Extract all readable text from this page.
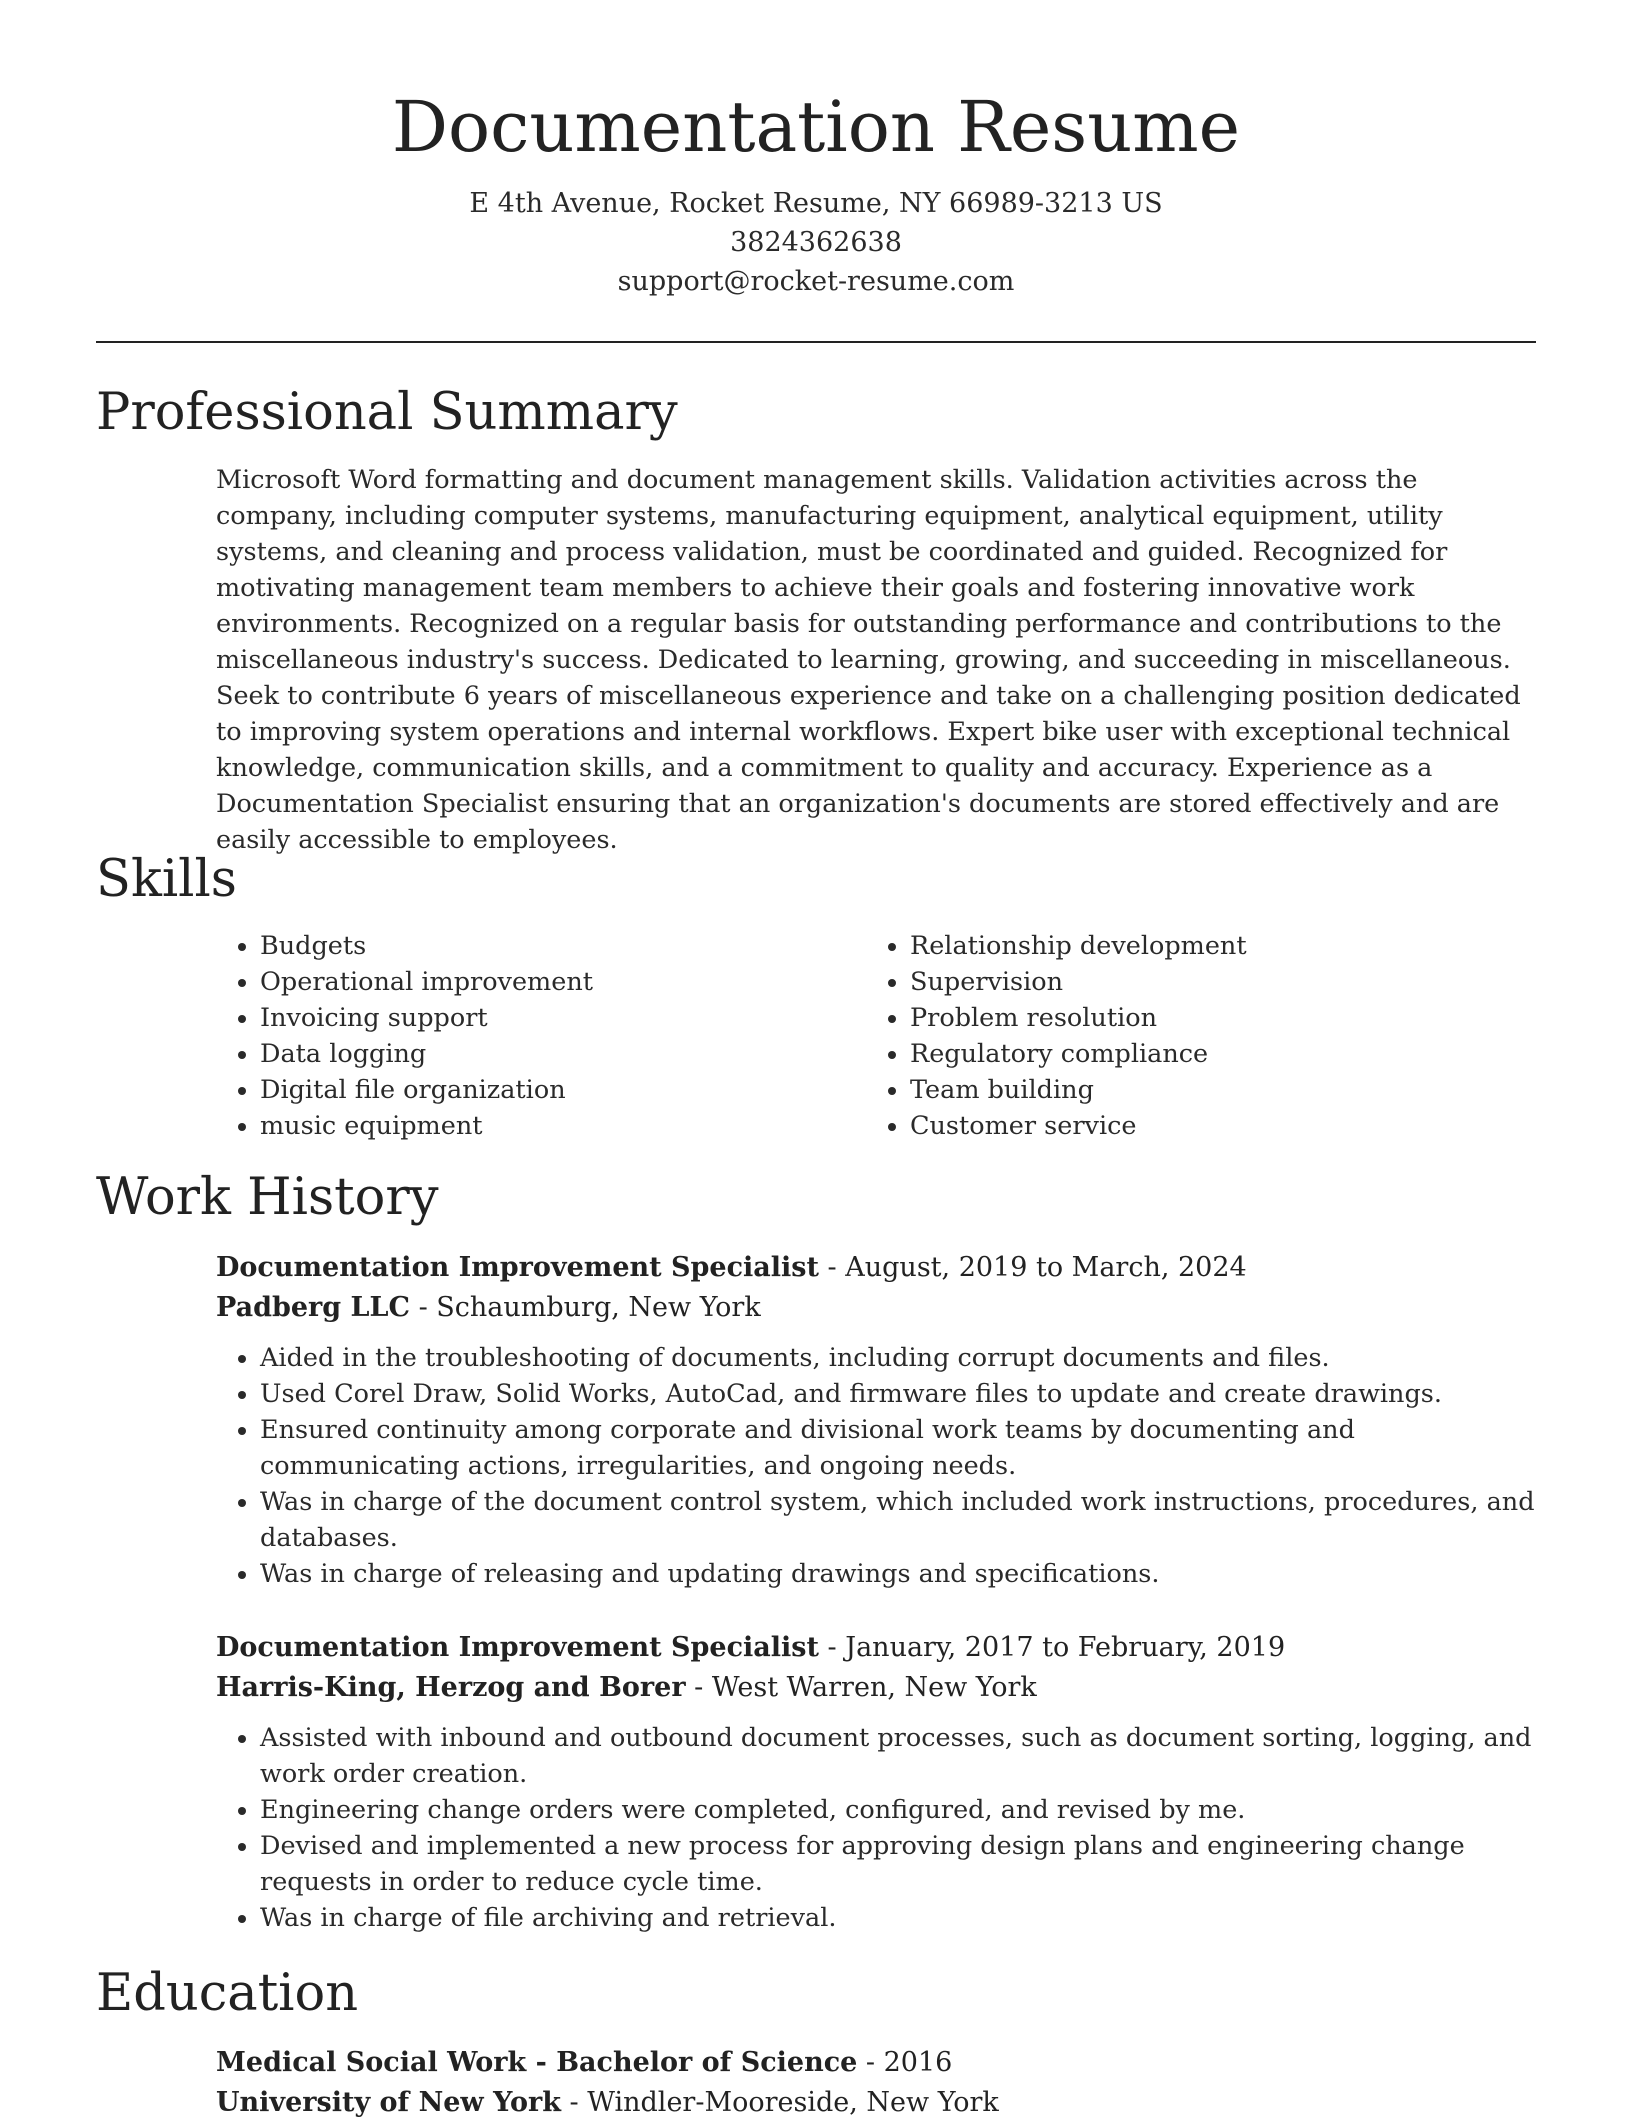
Documentation Resume
E 4th Avenue, Rocket Resume, NY 66989-3213 US
3824362638
support@rocket-resume.com
Professional Summary
Microsoft Word formatting and document management skills. Validation activities across the company, including computer systems, manufacturing equipment, analytical equipment, utility systems, and cleaning and process validation, must be coordinated and guided. Recognized for motivating management team members to achieve their goals and fostering innovative work environments. Recognized on a regular basis for outstanding performance and contributions to the miscellaneous industry's success. Dedicated to learning, growing, and succeeding in miscellaneous. Seek to contribute 6 years of miscellaneous experience and take on a challenging position dedicated to improving system operations and internal workflows. Expert bike user with exceptional technical knowledge, communication skills, and a commitment to quality and accuracy. Experience as a Documentation Specialist ensuring that an organization's documents are stored effectively and are easily accessible to employees.
Skills
• Budgets
• Operational improvement
• Invoicing support
• Data logging
• Digital file organization
• music equipment
• Relationship development
• Supervision
• Problem resolution
• Regulatory compliance
• Team building
• Customer service
Work History
Documentation Improvement Specialist - August, 2019 to March, 2024
Padberg LLC - Schaumburg, New York
• Aided in the troubleshooting of documents, including corrupt documents and files.
• Used Corel Draw, Solid Works, AutoCad, and firmware files to update and create drawings.
• Ensured continuity among corporate and divisional work teams by documenting and communicating actions, irregularities, and ongoing needs.
• Was in charge of the document control system, which included work instructions, procedures, and databases.
• Was in charge of releasing and updating drawings and specifications.
Documentation Improvement Specialist - January, 2017 to February, 2019
Harris-King, Herzog and Borer - West Warren, New York
• Assisted with inbound and outbound document processes, such as document sorting, logging, and work order creation.
• Engineering change orders were completed, configured, and revised by me.
• Devised and implemented a new process for approving design plans and engineering change requests in order to reduce cycle time.
• Was in charge of file archiving and retrieval.
Education
Medical Social Work - Bachelor of Science - 2016
University of New York - Windler-Mooreside, New York
